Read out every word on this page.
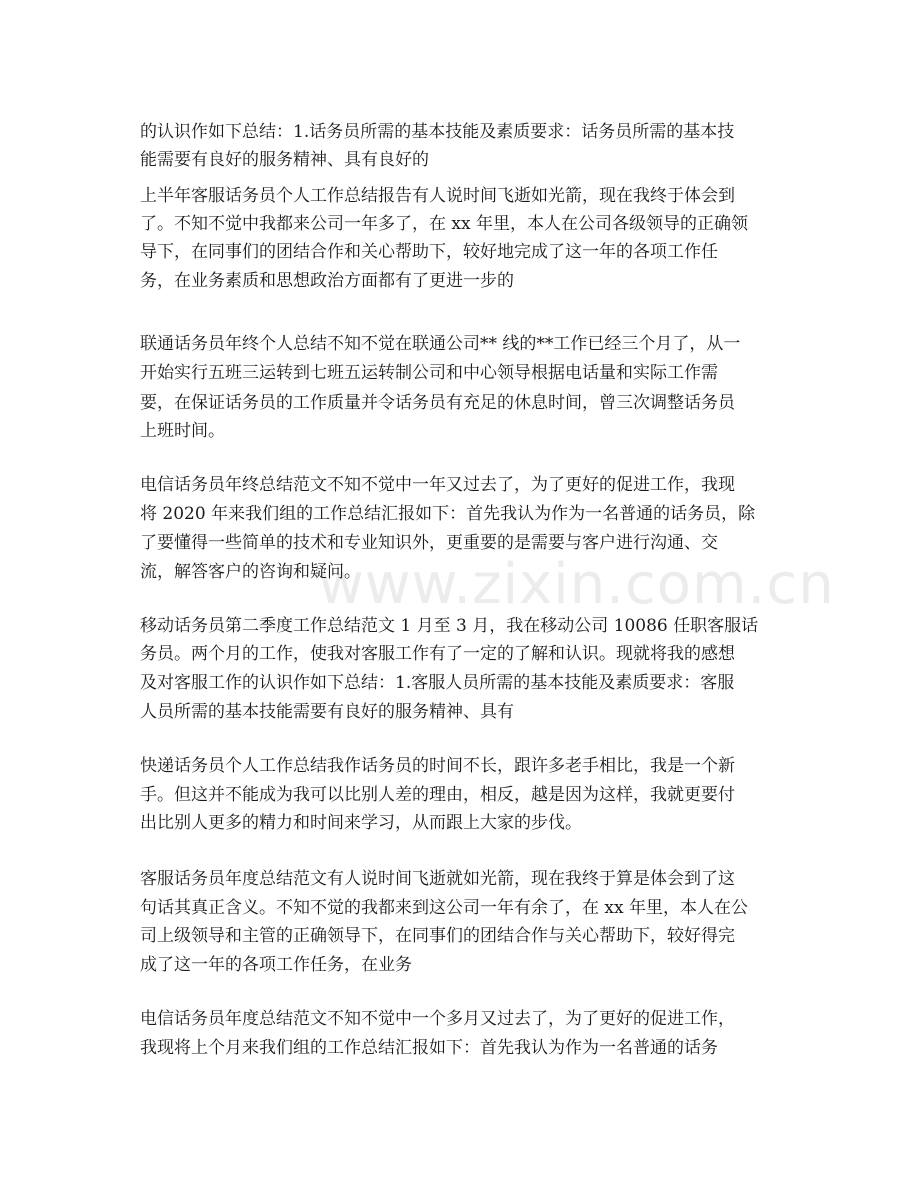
www.zixin.com.cn
的认识作如下总结：1.话务员所需的基本技能及素质要求：话务员所需的基本技
能需要有良好的服务精神、具有良好的
上半年客服话务员个人工作总结报告有人说时间飞逝如光箭，现在我终于体会到
了。不知不觉中我都来公司一年多了，在 xx 年里，本人在公司各级领导的正确领
导下，在同事们的团结合作和关心帮助下，较好地完成了这一年的各项工作任
务，在业务素质和思想政治方面都有了更进一步的
联通话务员年终个人总结不知不觉在联通公司** 线的**工作已经三个月了，从一
开始实行五班三运转到七班五运转制公司和中心领导根据电话量和实际工作需
要，在保证话务员的工作质量并令话务员有充足的休息时间，曾三次调整话务员
上班时间。
电信话务员年终总结范文不知不觉中一年又过去了，为了更好的促进工作，我现
将 2020 年来我们组的工作总结汇报如下：首先我认为作为一名普通的话务员，除
了要懂得一些简单的技术和专业知识外，更重要的是需要与客户进行沟通、交
流，解答客户的咨询和疑问。
移动话务员第二季度工作总结范文 1 月至 3 月，我在移动公司 10086 任职客服话
务员。两个月的工作，使我对客服工作有了一定的了解和认识。现就将我的感想
及对客服工作的认识作如下总结：1.客服人员所需的基本技能及素质要求：客服
人员所需的基本技能需要有良好的服务精神、具有
快递话务员个人工作总结我作话务员的时间不长，跟许多老手相比，我是一个新
手。但这并不能成为我可以比别人差的理由，相反，越是因为这样，我就更要付
出比别人更多的精力和时间来学习，从而跟上大家的步伐。
客服话务员年度总结范文有人说时间飞逝就如光箭，现在我终于算是体会到了这
句话其真正含义。不知不觉的我都来到这公司一年有余了，在 xx 年里，本人在公
司上级领导和主管的正确领导下，在同事们的团结合作与关心帮助下，较好得完
成了这一年的各项工作任务，在业务
电信话务员年度总结范文不知不觉中一个多月又过去了，为了更好的促进工作，
我现将上个月来我们组的工作总结汇报如下：首先我认为作为一名普通的话务
